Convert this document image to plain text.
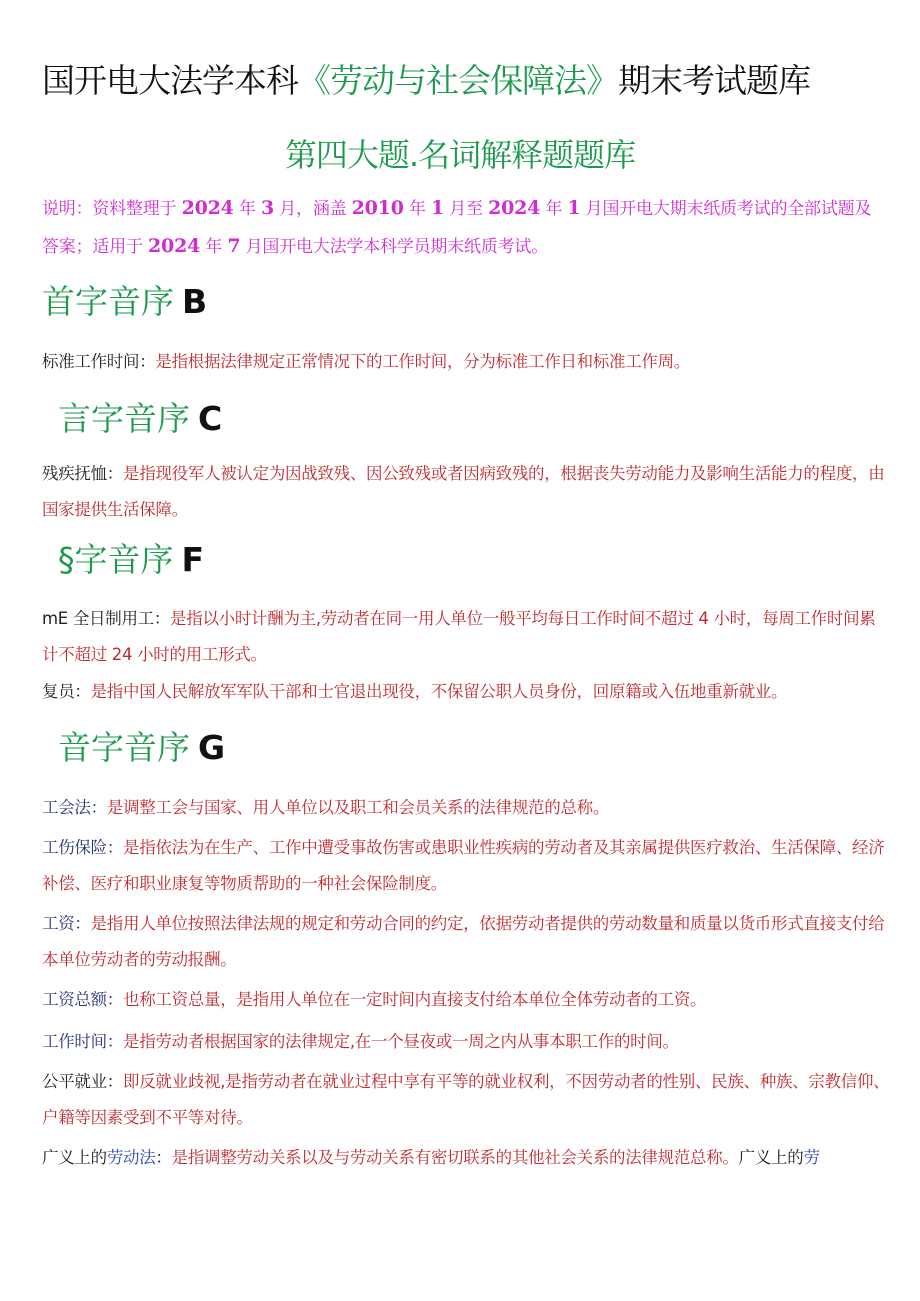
国开电大法学本科《劳动与社会保障法》期末考试题库
第四大题.名词解释题题库
说明：资料整理于 2024 年 3 月，涵盖 2010 年 1 月至 2024 年 1 月国开电大期末纸质考试的全部试题及答案；适用于 2024 年 7 月国开电大法学本科学员期末纸质考试。
首字音序 B
标准工作时间：是指根据法律规定正常情况下的工作时间，分为标准工作日和标准工作周。
言字音序 C
残疾抚恤：是指现役军人被认定为因战致残、因公致残或者因病致残的，根据丧失劳动能力及影响生活能力的程度，由国家提供生活保障。
§字音序 F
mE 全日制用工：是指以小时计酬为主,劳动者在同一用人单位一般平均每日工作时间不超过 4 小时，每周工作时间累计不超过 24 小时的用工形式。
复员：是指中国人民解放军军队干部和士官退出现役，不保留公职人员身份，回原籍或入伍地重新就业。
音字音序 G
工会法：是调整工会与国家、用人单位以及职工和会员关系的法律规范的总称。
工伤保险：是指依法为在生产、工作中遭受事故伤害或患职业性疾病的劳动者及其亲属提供医疗救治、生活保障、经济补偿、医疗和职业康复等物质帮助的一种社会保险制度。
工资：是指用人单位按照法律法规的规定和劳动合同的约定，依据劳动者提供的劳动数量和质量以货币形式直接支付给本单位劳动者的劳动报酬。
工资总额：也称工资总量，是指用人单位在一定时间内直接支付给本单位全体劳动者的工资。
工作时间：是指劳动者根据国家的法律规定,在一个昼夜或一周之内从事本职工作的时间。
公平就业：即反就业歧视,是指劳动者在就业过程中享有平等的就业权利，不因劳动者的性别、民族、种族、宗教信仰、户籍等因素受到不平等对待。
广义上的劳动法：是指调整劳动关系以及与劳动关系有密切联系的其他社会关系的法律规范总称。广义上的劳
